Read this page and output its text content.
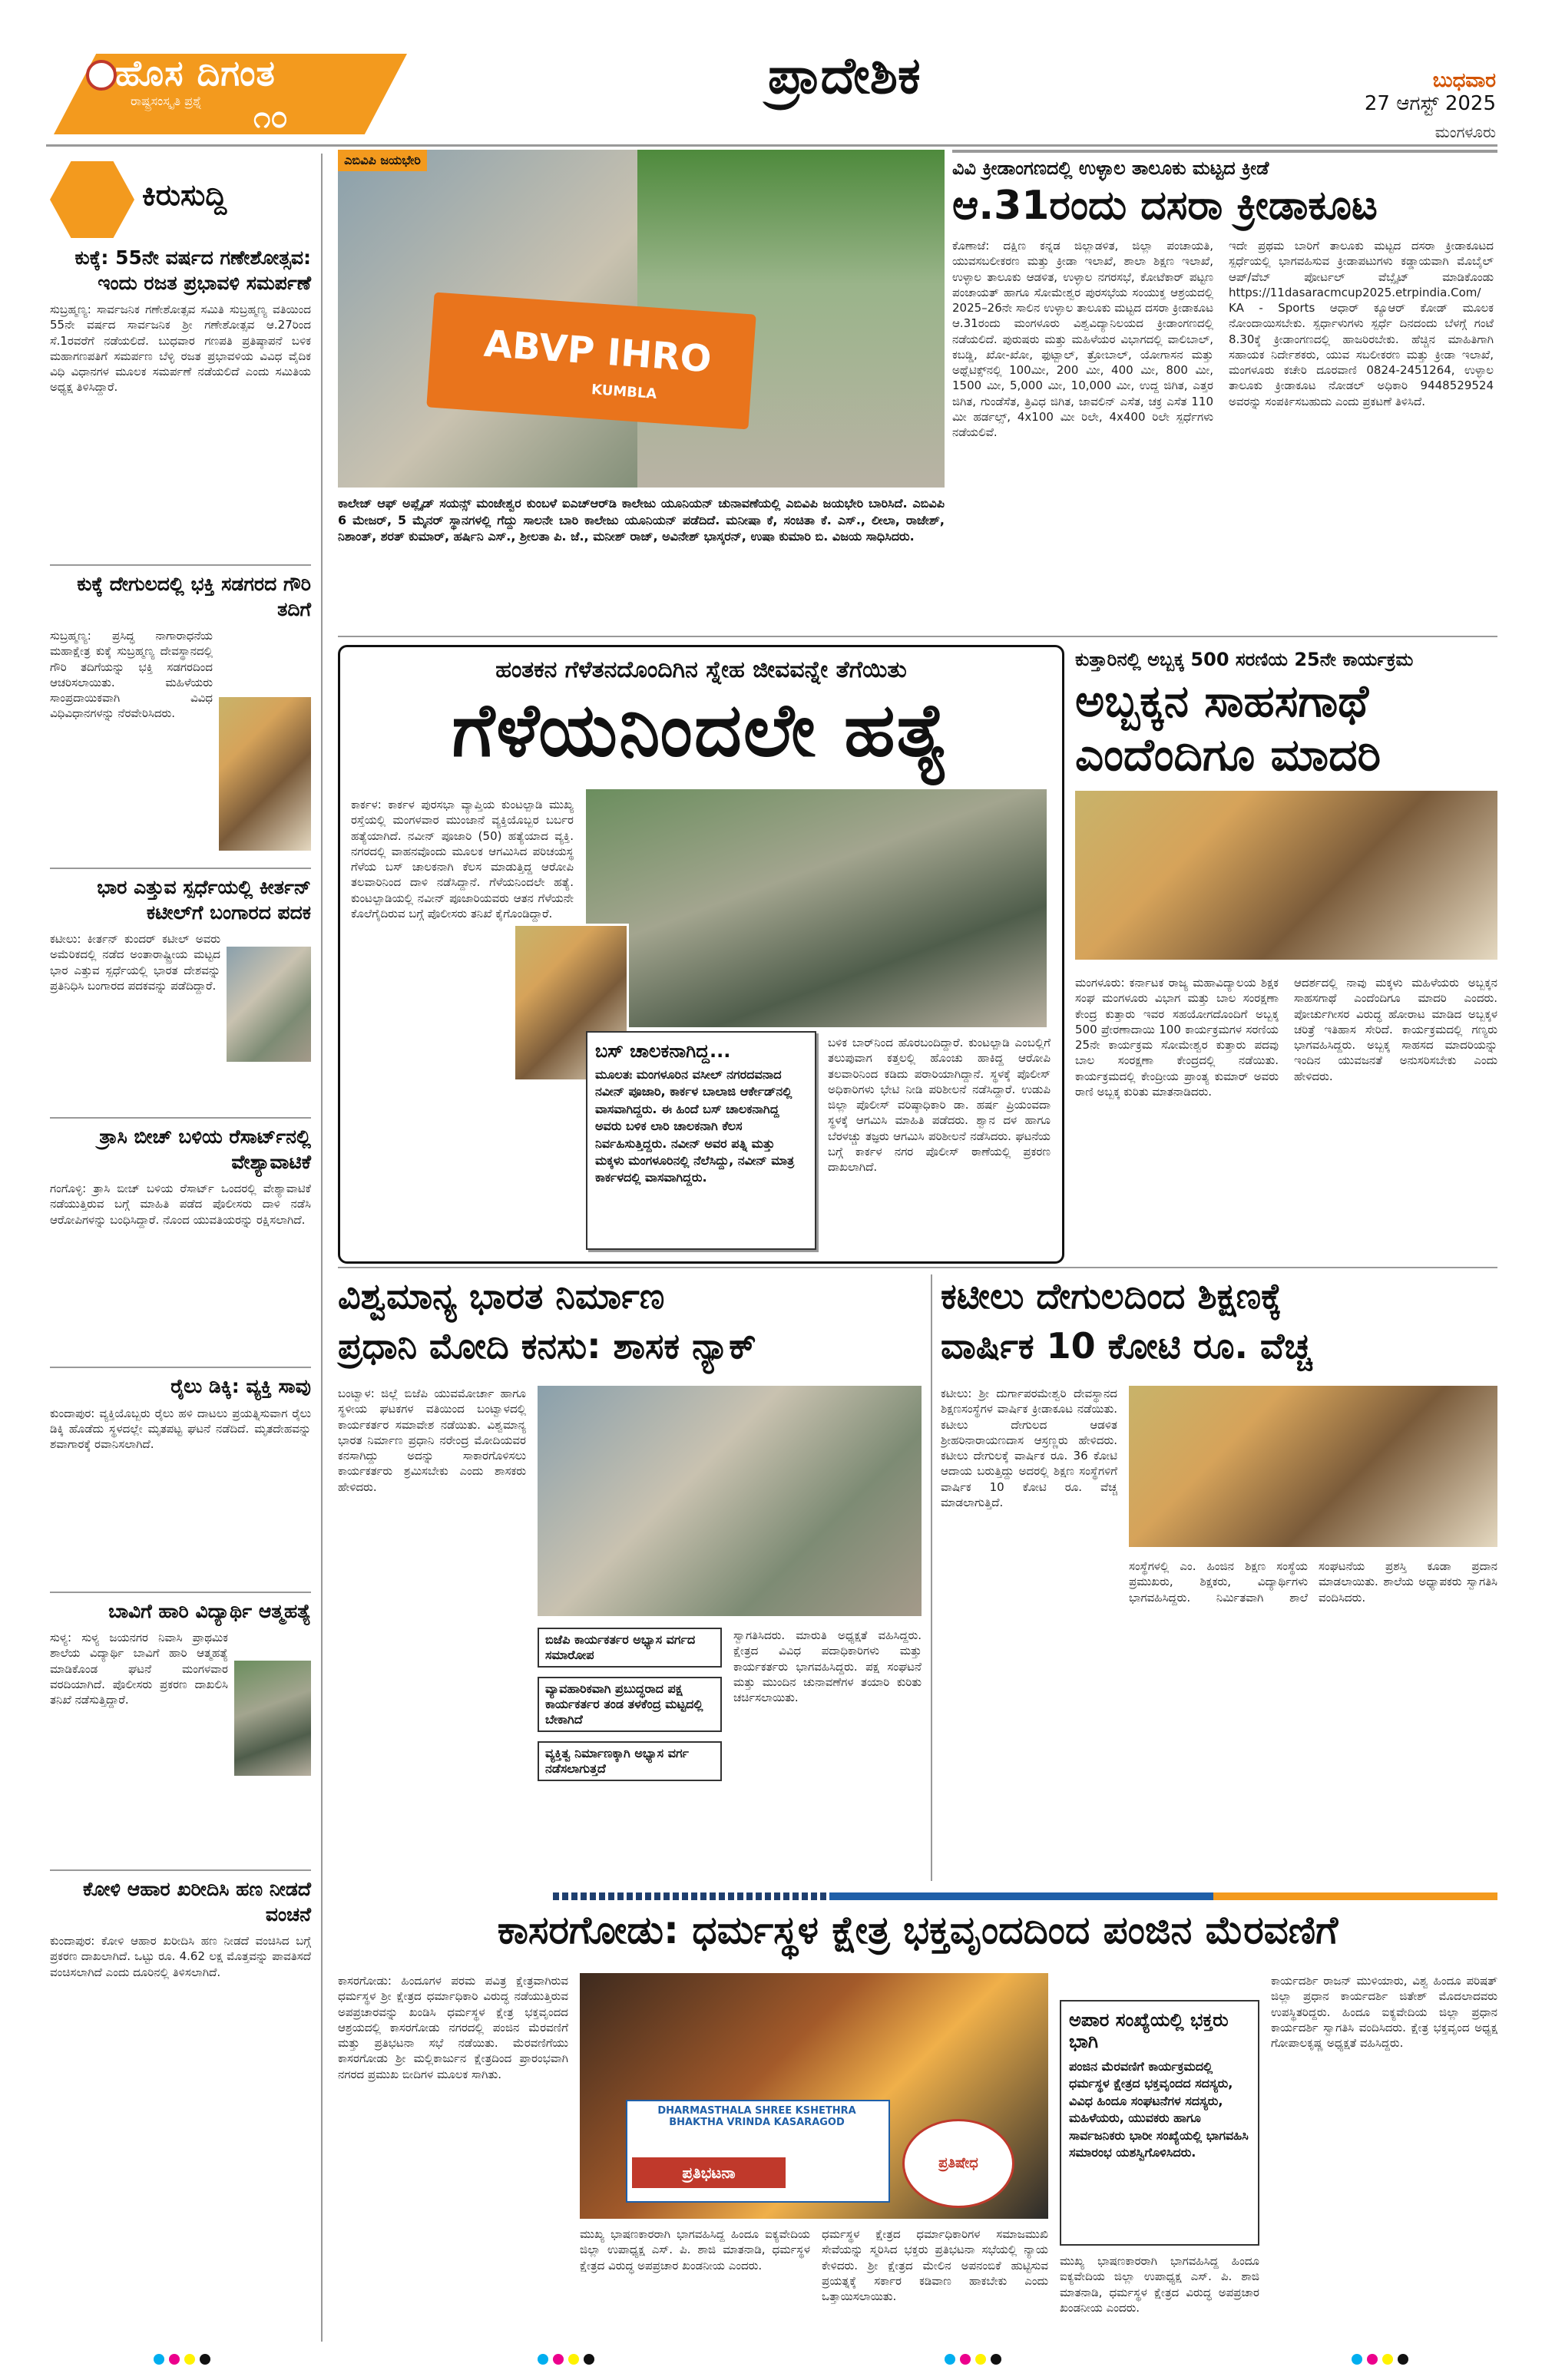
ಹೊಸ ದಿಗಂತ
ರಾಷ್ಟ್ರಸಂಸ್ಕೃತಿ ಪ್ರಶ್ನೆ ೧೦
ಪ್ರಾದೇಶಿಕ	ಬುಧವಾರ
27 ಆಗಸ್ಟ್ 2025
ಮಂಗಳೂರು
ಕಿರುಸುದ್ದಿ
ಕುಕ್ಕೆ: 55ನೇ ವರ್ಷದ ಗಣೇಶೋತ್ಸವ: ಇಂದು ರಜತ ಪ್ರಭಾವಳಿ ಸಮರ್ಪಣೆ
ಸುಬ್ರಹ್ಮಣ್ಯ: ಸಾರ್ವಜನಿಕ ಗಣೇಶೋತ್ಸವ ಸಮಿತಿ ಸುಬ್ರಹ್ಮಣ್ಯ ವತಿಯಿಂದ 55ನೇ ವರ್ಷದ ಸಾರ್ವಜನಿಕ ಶ್ರೀ ಗಣೇಶೋತ್ಸವ ಆ.27ರಿಂದ ಸೆ.1ರವರೆಗೆ ನಡೆಯಲಿದೆ. ಬುಧವಾರ ಗಣಪತಿ ಪ್ರತಿಷ್ಠಾಪನೆ ಬಳಿಕ ಮಹಾಗಣಪತಿಗೆ ಸಮರ್ಪಣ ಬೆಳ್ಳಿ ರಜತ ಪ್ರಭಾವಳಿಯ ವಿವಿಧ ವೈದಿಕ ವಿಧಿ ವಿಧಾನಗಳ ಮೂಲಕ ಸಮರ್ಪಣೆ ನಡೆಯಲಿದೆ ಎಂದು ಸಮಿತಿಯ ಅಧ್ಯಕ್ಷ ತಿಳಿಸಿದ್ದಾರೆ.
ಕುಕ್ಕೆ ದೇಗುಲದಲ್ಲಿ ಭಕ್ತಿ ಸಡಗರದ ಗೌರಿ ತದಿಗೆ
ಸುಬ್ರಹ್ಮಣ್ಯ: ಪ್ರಸಿದ್ಧ ನಾಗಾರಾಧನೆಯ ಮಹಾಕ್ಷೇತ್ರ ಕುಕ್ಕೆ ಸುಬ್ರಹ್ಮಣ್ಯ ದೇವಸ್ಥಾನದಲ್ಲಿ ಗೌರಿ ತದಿಗೆಯನ್ನು ಭಕ್ತಿ ಸಡಗರದಿಂದ ಆಚರಿಸಲಾಯಿತು. ಮಹಿಳೆಯರು ಸಾಂಪ್ರದಾಯಿಕವಾಗಿ ವಿವಿಧ ವಿಧಿವಿಧಾನಗಳನ್ನು ನೆರವೇರಿಸಿದರು.
ಭಾರ ಎತ್ತುವ ಸ್ಪರ್ಧೆಯಲ್ಲಿ ಕೀರ್ತನ್ ಕಟೀಲ್‌ಗೆ ಬಂಗಾರದ ಪದಕ
ಕಟೀಲು: ಕೀರ್ತನ್ ಕುಂದರ್ ಕಟೀಲ್ ಅವರು ಅಮೆರಿಕದಲ್ಲಿ ನಡೆದ ಅಂತಾರಾಷ್ಟ್ರೀಯ ಮಟ್ಟದ ಭಾರ ಎತ್ತುವ ಸ್ಪರ್ಧೆಯಲ್ಲಿ ಭಾರತ ದೇಶವನ್ನು ಪ್ರತಿನಿಧಿಸಿ ಬಂಗಾರದ ಪದಕವನ್ನು ಪಡೆದಿದ್ದಾರೆ.
ತ್ರಾಸಿ ಬೀಚ್ ಬಳಿಯ ರೆಸಾರ್ಟ್‌ನಲ್ಲಿ ವೇಶ್ಯಾವಾಟಿಕೆ
ಗಂಗೊಳ್ಳಿ: ತ್ರಾಸಿ ಬೀಚ್ ಬಳಿಯ ರೆಸಾರ್ಟ್ ಒಂದರಲ್ಲಿ ವೇಶ್ಯಾವಾಟಿಕೆ ನಡೆಯುತ್ತಿರುವ ಬಗ್ಗೆ ಮಾಹಿತಿ ಪಡೆದ ಪೊಲೀಸರು ದಾಳಿ ನಡೆಸಿ ಆರೋಪಿಗಳನ್ನು ಬಂಧಿಸಿದ್ದಾರೆ. ನೊಂದ ಯುವತಿಯರನ್ನು ರಕ್ಷಿಸಲಾಗಿದೆ.
ರೈಲು ಡಿಕ್ಕಿ: ವ್ಯಕ್ತಿ ಸಾವು
ಕುಂದಾಪುರ: ವ್ಯಕ್ತಿಯೊಬ್ಬರು ರೈಲು ಹಳಿ ದಾಟಲು ಪ್ರಯತ್ನಿಸುವಾಗ ರೈಲು ಡಿಕ್ಕಿ ಹೊಡೆದು ಸ್ಥಳದಲ್ಲೇ ಮೃತಪಟ್ಟ ಘಟನೆ ನಡೆದಿದೆ. ಮೃತದೇಹವನ್ನು ಶವಾಗಾರಕ್ಕೆ ರವಾನಿಸಲಾಗಿದೆ.
ಬಾವಿಗೆ ಹಾರಿ ವಿದ್ಯಾರ್ಥಿ ಆತ್ಮಹತ್ಯೆ
ಸುಳ್ಯ: ಸುಳ್ಯ ಜಯನಗರ ನಿವಾಸಿ ಪ್ರಾಥಮಿಕ ಶಾಲೆಯ ವಿದ್ಯಾರ್ಥಿ ಬಾವಿಗೆ ಹಾರಿ ಆತ್ಮಹತ್ಯೆ ಮಾಡಿಕೊಂಡ ಘಟನೆ ಮಂಗಳವಾರ ವರದಿಯಾಗಿದೆ. ಪೊಲೀಸರು ಪ್ರಕರಣ ದಾಖಲಿಸಿ ತನಿಖೆ ನಡೆಸುತ್ತಿದ್ದಾರೆ.
ಕೋಳಿ ಆಹಾರ ಖರೀದಿಸಿ ಹಣ ನೀಡದೆ ವಂಚನೆ
ಕುಂದಾಪುರ: ಕೋಳಿ ಆಹಾರ ಖರೀದಿಸಿ ಹಣ ನೀಡದೆ ವಂಚಿಸಿದ ಬಗ್ಗೆ ಪ್ರಕರಣ ದಾಖಲಾಗಿದೆ. ಒಟ್ಟು ರೂ. 4.62 ಲಕ್ಷ ಮೊತ್ತವನ್ನು ಪಾವತಿಸದೆ ವಂಚಿಸಲಾಗಿದೆ ಎಂದು ದೂರಿನಲ್ಲಿ ತಿಳಿಸಲಾಗಿದೆ.
ABVP IHRO
KUMBLA
ಎಬಿವಿಪಿ ಜಯಭೇರಿ
ಕಾಲೇಜ್ ಆಫ್ ಅಪ್ಲೈಡ್ ಸಯನ್ಸ್ ಮಂಜೇಶ್ವರ ಕುಂಬಳೆ ಐಎಚ್‌ಆರ್‌ಡಿ ಕಾಲೇಜು ಯೂನಿಯನ್ ಚುನಾವಣೆಯಲ್ಲಿ ಎಬಿವಿಪಿ ಜಯಭೇರಿ ಬಾರಿಸಿದೆ. ಎಬಿವಿಪಿ 6 ಮೇಜರ್, 5 ಮೈನರ್ ಸ್ಥಾನಗಳಲ್ಲಿ ಗೆದ್ದು ಸಾಲನೇ ಬಾರಿ ಕಾಲೇಜು ಯೂನಿಯನ್ ಪಡೆದಿದೆ. ಮನೀಷಾ ಕೆ, ಸಂಚಿತಾ ಕೆ. ಎಸ್., ಲೀಲಾ, ರಾಜೇಶ್, ನಿಶಾಂತ್, ಶರತ್ ಕುಮಾರ್, ಹರ್ಷಿನಿ ಎಸ್., ಶ್ರೀಲತಾ ಪಿ. ಜೆ., ಮನೀಶ್ ರಾಜ್, ಅವಿನೇಶ್ ಭಾಸ್ಕರನ್, ಉಷಾ ಕುಮಾರಿ ಬಿ. ವಿಜಯ ಸಾಧಿಸಿದರು.
ವಿವಿ ಕ್ರೀಡಾಂಗಣದಲ್ಲಿ ಉಳ್ಳಾಲ ತಾಲೂಕು ಮಟ್ಟದ ಕ್ರೀಡೆ
ಆ.31ರಂದು ದಸರಾ ಕ್ರೀಡಾಕೂಟ
ಕೊಣಾಜೆ: ದಕ್ಷಿಣ ಕನ್ನಡ ಜಿಲ್ಲಾಡಳಿತ, ಜಿಲ್ಲಾ ಪಂಚಾಯತಿ, ಯುವಸಬಲೀಕರಣ ಮತ್ತು ಕ್ರೀಡಾ ಇಲಾಖೆ, ಶಾಲಾ ಶಿಕ್ಷಣ ಇಲಾಖೆ, ಉಳ್ಳಾಲ ತಾಲೂಕು ಆಡಳಿತ, ಉಳ್ಳಾಲ ನಗರಸಭೆ, ಕೋಟೆಕಾರ್ ಪಟ್ಟಣ ಪಂಚಾಯತ್ ಹಾಗೂ ಸೋಮೇಶ್ವರ ಪುರಸಭೆಯ ಸಂಯುಕ್ತ ಆಶ್ರಯದಲ್ಲಿ 2025–26ನೇ ಸಾಲಿನ ಉಳ್ಳಾಲ ತಾಲೂಕು ಮಟ್ಟದ ದಸರಾ ಕ್ರೀಡಾಕೂಟ ಆ.31ರಂದು ಮಂಗಳೂರು ವಿಶ್ವವಿದ್ಯಾನಿಲಯದ ಕ್ರೀಡಾಂಗಣದಲ್ಲಿ ನಡೆಯಲಿದೆ. ಪುರುಷರು ಮತ್ತು ಮಹಿಳೆಯರ ವಿಭಾಗದಲ್ಲಿ ವಾಲಿಬಾಲ್, ಕಬಡ್ಡಿ, ಖೋ-ಖೋ, ಫುಟ್ಬಾಲ್, ತ್ರೋಬಾಲ್, ಯೋಗಾಸನ ಮತ್ತು ಅಥ್ಲೆಟಿಕ್ಸ್‌ನಲ್ಲಿ 100ಮೀ, 200 ಮೀ, 400 ಮೀ, 800 ಮೀ, 1500 ಮೀ, 5,000 ಮೀ, 10,000 ಮೀ, ಉದ್ದ ಜಿಗಿತ, ಎತ್ತರ ಜಿಗಿತ, ಗುಂಡೆಸೆತ, ತ್ರಿವಿಧ ಜಿಗಿತ, ಜಾವಲಿನ್ ಎಸೆತ, ಚಕ್ರ ಎಸೆತ 110 ಮೀ ಹರ್ಡಲ್ಸ್, 4x100 ಮೀ ರಿಲೇ, 4x400 ರಿಲೇ ಸ್ಪರ್ಧೆಗಳು ನಡೆಯಲಿವೆ.
ಇದೇ ಪ್ರಥಮ ಬಾರಿಗೆ ತಾಲೂಕು ಮಟ್ಟದ ದಸರಾ ಕ್ರೀಡಾಕೂಟದ ಸ್ಪರ್ಧೆಯಲ್ಲಿ ಭಾಗವಹಿಸುವ ಕ್ರೀಡಾಪಟುಗಳು ಕಡ್ಡಾಯವಾಗಿ ಮೊಬೈಲ್ ಆಪ್/ವೆಬ್ ಪೋರ್ಟಲ್ ವೆಬ್ಸೈಟ್ ಮಾಡಿಕೊಂಡು https://11dasaracmcup2025.etrpindia.Com/ KA - Sports ಆಧಾರ್ ಕ್ಯೂಆರ್ ಕೋಡ್ ಮೂಲಕ ನೋಂದಾಯಿಸಬೇಕು. ಸ್ಪರ್ಧಾಳುಗಳು ಸ್ಪರ್ಧೆ ದಿನದಂದು ಬೆಳಗ್ಗೆ ಗಂಟೆ 8.30ಕ್ಕೆ ಕ್ರೀಡಾಂಗಣದಲ್ಲಿ ಹಾಜರಿರಬೇಕು. ಹೆಚ್ಚಿನ ಮಾಹಿತಿಗಾಗಿ ಸಹಾಯಕ ನಿರ್ದೇಶಕರು, ಯುವ ಸಬಲೀಕರಣ ಮತ್ತು ಕ್ರೀಡಾ ಇಲಾಖೆ, ಮಂಗಳೂರು ಕಚೇರಿ ದೂರವಾಣಿ 0824-2451264, ಉಳ್ಳಾಲ ತಾಲೂಕು ಕ್ರೀಡಾಕೂಟ ನೋಡಲ್ ಅಧಿಕಾರಿ 9448529524 ಅವರನ್ನು ಸಂಪರ್ಕಿಸಬಹುದು ಎಂದು ಪ್ರಕಟಣೆ ತಿಳಿಸಿದೆ.
ಹಂತಕನ ಗೆಳೆತನದೊಂದಿಗಿನ ಸ್ನೇಹ ಜೀವವನ್ನೇ ತೆಗೆಯಿತು
ಗೆಳೆಯನಿಂದಲೇ ಹತ್ಯೆ
ಕಾರ್ಕಳ: ಕಾರ್ಕಳ ಪುರಸಭಾ ವ್ಯಾಪ್ತಿಯ ಕುಂಟಲ್ಪಾಡಿ ಮುಖ್ಯ ರಸ್ತೆಯಲ್ಲಿ ಮಂಗಳವಾರ ಮುಂಜಾನೆ ವ್ಯಕ್ತಿಯೊಬ್ಬರ ಬರ್ಬರ ಹತ್ಯೆಯಾಗಿದೆ. ನವೀನ್ ಪೂಜಾರಿ (50) ಹತ್ಯೆಯಾದ ವ್ಯಕ್ತಿ. ನಗರದಲ್ಲಿ ವಾಹನವೊಂದು ಮೂಲಕ ಆಗಮಿಸಿದ ಪರಿಚಯಸ್ಥ ಗೆಳೆಯ ಬಸ್ ಚಾಲಕನಾಗಿ ಕೆಲಸ ಮಾಡುತ್ತಿದ್ದ ಆರೋಪಿ ತಲವಾರಿನಿಂದ ದಾಳಿ ನಡೆಸಿದ್ದಾನೆ. ಗೆಳೆಯನಿಂದಲೇ ಹತ್ಯೆ. ಕುಂಟಲ್ಪಾಡಿಯಲ್ಲಿ ನವೀನ್ ಪೂಜಾರಿಯವರು ಆತನ ಗೆಳೆಯನೇ ಕೊಲೆಗೈದಿರುವ ಬಗ್ಗೆ ಪೊಲೀಸರು ತನಿಖೆ ಕೈಗೊಂಡಿದ್ದಾರೆ.
ಬಸ್ ಚಾಲಕನಾಗಿದ್ದ...
ಮೂಲತಃ ಮಂಗಳೂರಿನ ವಸೀಲ್ ನಗರದವನಾದ ನವೀನ್ ಪೂಜಾರಿ, ಕಾರ್ಕಳ ಬಾಲಾಜಿ ಆರ್ಕೇಡ್‌ನಲ್ಲಿ ವಾಸವಾಗಿದ್ದರು. ಈ ಹಿಂದೆ ಬಸ್ ಚಾಲಕನಾಗಿದ್ದ ಅವರು ಬಳಿಕ ಲಾರಿ ಚಾಲಕನಾಗಿ ಕೆಲಸ ನಿರ್ವಹಿಸುತ್ತಿದ್ದರು. ನವೀನ್ ಅವರ ಪತ್ನಿ ಮತ್ತು ಮಕ್ಕಳು ಮಂಗಳೂರಿನಲ್ಲಿ ನೆಲೆಸಿದ್ದು, ನವೀನ್ ಮಾತ್ರ ಕಾರ್ಕಳದಲ್ಲಿ ವಾಸವಾಗಿದ್ದರು.
ಬಳಿಕ ಬಾರ್‌ನಿಂದ ಹೊರಬಂದಿದ್ದಾರೆ. ಕುಂಟಲ್ಪಾಡಿ ಎಂಬಲ್ಲಿಗೆ ತಲುಪುವಾಗ ಕತ್ತಲಲ್ಲಿ ಹೊಂಚು ಹಾಕಿದ್ದ ಆರೋಪಿ ತಲವಾರಿನಿಂದ ಕಡಿದು ಪರಾರಿಯಾಗಿದ್ದಾನೆ. ಸ್ಥಳಕ್ಕೆ ಪೊಲೀಸ್ ಅಧಿಕಾರಿಗಳು ಭೇಟಿ ನೀಡಿ ಪರಿಶೀಲನೆ ನಡೆಸಿದ್ದಾರೆ. ಉಡುಪಿ ಜಿಲ್ಲಾ ಪೊಲೀಸ್ ವರಿಷ್ಠಾಧಿಕಾರಿ ಡಾ. ಹರ್ಷ ಪ್ರಿಯಂವದಾ ಸ್ಥಳಕ್ಕೆ ಆಗಮಿಸಿ ಮಾಹಿತಿ ಪಡೆದರು. ಶ್ವಾನ ದಳ ಹಾಗೂ ಬೆರಳಚ್ಚು ತಜ್ಞರು ಆಗಮಿಸಿ ಪರಿಶೀಲನೆ ನಡೆಸಿದರು. ಘಟನೆಯ ಬಗ್ಗೆ ಕಾರ್ಕಳ ನಗರ ಪೊಲೀಸ್ ಠಾಣೆಯಲ್ಲಿ ಪ್ರಕರಣ ದಾಖಲಾಗಿದೆ.
ಕುತ್ತಾರಿನಲ್ಲಿ ಅಬ್ಬಕ್ಕ 500 ಸರಣಿಯ 25ನೇ ಕಾರ್ಯಕ್ರಮ
ಅಬ್ಬಕ್ಕನ ಸಾಹಸಗಾಥೆ
ಎಂದೆಂದಿಗೂ ಮಾದರಿ
ಮಂಗಳೂರು: ಕರ್ನಾಟಕ ರಾಜ್ಯ ಮಹಾವಿದ್ಯಾಲಯ ಶಿಕ್ಷಕ ಸಂಘ ಮಂಗಳೂರು ವಿಭಾಗ ಮತ್ತು ಬಾಲ ಸಂರಕ್ಷಣಾ ಕೇಂದ್ರ ಕುತ್ತಾರು ಇವರ ಸಹಯೋಗದೊಂದಿಗೆ ಅಬ್ಬಕ್ಕ 500 ಪ್ರೇರಣಾದಾಯಿ 100 ಕಾರ್ಯಕ್ರಮಗಳ ಸರಣಿಯ 25ನೇ ಕಾರ್ಯಕ್ರಮ ಸೋಮೇಶ್ವರ ಕುತ್ತಾರು ಪದವು ಬಾಲ ಸಂರಕ್ಷಣಾ ಕೇಂದ್ರದಲ್ಲಿ ನಡೆಯಿತು. ಕಾರ್ಯಕ್ರಮದಲ್ಲಿ ಕೇಂದ್ರೀಯ ಪ್ರಾಂತ್ಯ ಕುಮಾರ್ ಅವರು ರಾಣಿ ಅಬ್ಬಕ್ಕ ಕುರಿತು ಮಾತನಾಡಿದರು.
ಆದರ್ಶದಲ್ಲಿ ನಾವು ಮಕ್ಕಳು ಮಹಿಳೆಯರು ಅಬ್ಬಕ್ಕನ ಸಾಹಸಗಾಥೆ ಎಂದೆಂದಿಗೂ ಮಾದರಿ ಎಂದರು. ಪೋರ್ಚುಗೀಸರ ವಿರುದ್ಧ ಹೋರಾಟ ಮಾಡಿದ ಅಬ್ಬಕ್ಕಳ ಚರಿತ್ರೆ ಇತಿಹಾಸ ಸೇರಿದೆ. ಕಾರ್ಯಕ್ರಮದಲ್ಲಿ ಗಣ್ಯರು ಭಾಗವಹಿಸಿದ್ದರು. ಅಬ್ಬಕ್ಕ ಸಾಹಸದ ಮಾದರಿಯನ್ನು ಇಂದಿನ ಯುವಜನತೆ ಅನುಸರಿಸಬೇಕು ಎಂದು ಹೇಳಿದರು.
ವಿಶ್ವಮಾನ್ಯ ಭಾರತ ನಿರ್ಮಾಣ
ಪ್ರಧಾನಿ ಮೋದಿ ಕನಸು: ಶಾಸಕ ನ್ಯಾಕ್
ಬಂಟ್ವಾಳ: ಜಿಲ್ಲೆ ಬಿಜೆಪಿ ಯುವಮೋರ್ಚಾ ಹಾಗೂ ಸ್ಥಳೀಯ ಘಟಕಗಳ ವತಿಯಿಂದ ಬಂಟ್ವಾಳದಲ್ಲಿ ಕಾರ್ಯಕರ್ತರ ಸಮಾವೇಶ ನಡೆಯಿತು. ವಿಶ್ವಮಾನ್ಯ ಭಾರತ ನಿರ್ಮಾಣ ಪ್ರಧಾನಿ ನರೇಂದ್ರ ಮೋದಿಯವರ ಕನಸಾಗಿದ್ದು ಅದನ್ನು ಸಾಕಾರಗೊಳಿಸಲು ಕಾರ್ಯಕರ್ತರು ಶ್ರಮಿಸಬೇಕು ಎಂದು ಶಾಸಕರು ಹೇಳಿದರು.
ಬಿಜೆಪಿ ಕಾರ್ಯಕರ್ತರ ಅಭ್ಯಾಸ ವರ್ಗದ ಸಮಾರೋಪ
ವ್ಯಾವಹಾರಿಕವಾಗಿ ಪ್ರಬುದ್ಧರಾದ ಪಕ್ಷ ಕಾರ್ಯಕರ್ತರ ತಂಡ ತಳಕೆಂದ್ರ ಮಟ್ಟದಲ್ಲಿ ಬೇಕಾಗಿದೆ
ವ್ಯಕ್ತಿತ್ವ ನಿರ್ಮಾಣಕ್ಕಾಗಿ ಅಭ್ಯಾಸ ವರ್ಗ ನಡೆಸಲಾಗುತ್ತದೆ
ಸ್ವಾಗತಿಸಿದರು. ಮಾರುತಿ ಅಧ್ಯಕ್ಷತೆ ವಹಿಸಿದ್ದರು. ಕ್ಷೇತ್ರದ ವಿವಿಧ ಪದಾಧಿಕಾರಿಗಳು ಮತ್ತು ಕಾರ್ಯಕರ್ತರು ಭಾಗವಹಿಸಿದ್ದರು. ಪಕ್ಷ ಸಂಘಟನೆ ಮತ್ತು ಮುಂದಿನ ಚುನಾವಣೆಗಳ ತಯಾರಿ ಕುರಿತು ಚರ್ಚಿಸಲಾಯಿತು.
ಕಟೀಲು ದೇಗುಲದಿಂದ ಶಿಕ್ಷಣಕ್ಕೆ
ವಾರ್ಷಿಕ 10 ಕೋಟಿ ರೂ. ವೆಚ್ಚ
ಕಟೀಲು: ಶ್ರೀ ದುರ್ಗಾಪರಮೇಶ್ವರಿ ದೇವಸ್ಥಾನದ ಶಿಕ್ಷಣಸಂಸ್ಥೆಗಳ ವಾರ್ಷಿಕ ಕ್ರೀಡಾಕೂಟ ನಡೆಯಿತು. ಕಟೀಲು ದೇಗುಲದ ಆಡಳಿತ ಶ್ರೀಹರಿನಾರಾಯಣದಾಸ ಆಸ್ರಣ್ಣರು ಹೇಳಿದರು. ಕಟೀಲು ದೇಗುಲಕ್ಕೆ ವಾರ್ಷಿಕ ರೂ. 36 ಕೋಟಿ ಆದಾಯ ಬರುತ್ತಿದ್ದು ಅದರಲ್ಲಿ ಶಿಕ್ಷಣ ಸಂಸ್ಥೆಗಳಿಗೆ ವಾರ್ಷಿಕ 10 ಕೋಟಿ ರೂ. ವೆಚ್ಚ ಮಾಡಲಾಗುತ್ತಿದೆ.
ಸಂಸ್ಥೆಗಳಲ್ಲಿ ಎಂ. ಹಿಂಜಿನ ಶಿಕ್ಷಣ ಸಂಸ್ಥೆಯ ಪ್ರಮುಖರು, ಶಿಕ್ಷಕರು, ವಿದ್ಯಾರ್ಥಿಗಳು ಭಾಗವಹಿಸಿದ್ದರು. ನಿರ್ಮಿತವಾಗಿ ಶಾಲೆ ಸಂಘಟನೆಯ ಪ್ರಶಸ್ತಿ ಕೂಡಾ ಪ್ರದಾನ ಮಾಡಲಾಯಿತು. ಶಾಲೆಯ ಅಧ್ಯಾಪಕರು ಸ್ವಾಗತಿಸಿ ವಂದಿಸಿದರು.
ಕಾಸರಗೋಡು: ಧರ್ಮಸ್ಥಳ ಕ್ಷೇತ್ರ ಭಕ್ತವೃಂದದಿಂದ ಪಂಜಿನ ಮೆರವಣಿಗೆ
ಕಾಸರಗೋಡು: ಹಿಂದೂಗಳ ಪರಮ ಪವಿತ್ರ ಕ್ಷೇತ್ರವಾಗಿರುವ ಧರ್ಮಸ್ಥಳ ಶ್ರೀ ಕ್ಷೇತ್ರದ ಧರ್ಮಾಧಿಕಾರಿ ವಿರುದ್ಧ ನಡೆಯುತ್ತಿರುವ ಅಪಪ್ರಚಾರವನ್ನು ಖಂಡಿಸಿ ಧರ್ಮಸ್ಥಳ ಕ್ಷೇತ್ರ ಭಕ್ತವೃಂದದ ಆಶ್ರಯದಲ್ಲಿ ಕಾಸರಗೋಡು ನಗರದಲ್ಲಿ ಪಂಜಿನ ಮೆರವಣಿಗೆ ಮತ್ತು ಪ್ರತಿಭಟನಾ ಸಭೆ ನಡೆಯಿತು. ಮೆರವಣಿಗೆಯು ಕಾಸರಗೋಡು ಶ್ರೀ ಮಲ್ಲಿಕಾರ್ಜುನ ಕ್ಷೇತ್ರದಿಂದ ಪ್ರಾರಂಭವಾಗಿ ನಗರದ ಪ್ರಮುಖ ಬೀದಿಗಳ ಮೂಲಕ ಸಾಗಿತು.
DHARMASTHALA SHREE KSHETHRA BHAKTHA VRINDA KASARAGOD
ಪ್ರತಿಭಟನಾ
ಪ್ರತಿಷೇಧ
ಅಪಾರ ಸಂಖ್ಯೆಯಲ್ಲಿ ಭಕ್ತರು ಭಾಗಿ
ಪಂಜಿನ ಮೆರವಣಿಗೆ ಕಾರ್ಯಕ್ರಮದಲ್ಲಿ ಧರ್ಮಸ್ಥಳ ಕ್ಷೇತ್ರದ ಭಕ್ತವೃಂದದ ಸದಸ್ಯರು, ವಿವಿಧ ಹಿಂದೂ ಸಂಘಟನೆಗಳ ಸದಸ್ಯರು, ಮಹಿಳೆಯರು, ಯುವಕರು ಹಾಗೂ ಸಾರ್ವಜನಿಕರು ಭಾರೀ ಸಂಖ್ಯೆಯಲ್ಲಿ ಭಾಗವಹಿಸಿ ಸಮಾರಂಭ ಯಶಸ್ವಿಗೊಳಿಸಿದರು.
ಮುಖ್ಯ ಭಾಷಣಕಾರರಾಗಿ ಭಾಗವಹಿಸಿದ್ದ ಹಿಂದೂ ಐಕ್ಯವೇದಿಯ ಜಿಲ್ಲಾ ಉಪಾಧ್ಯಕ್ಷ ಎಸ್. ಪಿ. ಶಾಜಿ ಮಾತನಾಡಿ, ಧರ್ಮಸ್ಥಳ ಕ್ಷೇತ್ರದ ವಿರುದ್ಧ ಅಪಪ್ರಚಾರ ಖಂಡನೀಯ ಎಂದರು.
ಧರ್ಮಸ್ಥಳ ಕ್ಷೇತ್ರದ ಧರ್ಮಾಧಿಕಾರಿಗಳ ಸಮಾಜಮುಖಿ ಸೇವೆಯನ್ನು ಸ್ಮರಿಸಿದ ಭಕ್ತರು ಪ್ರತಿಭಟನಾ ಸಭೆಯಲ್ಲಿ ನ್ಯಾಯ ಕೇಳಿದರು. ಶ್ರೀ ಕ್ಷೇತ್ರದ ಮೇಲಿನ ಅಪನಂಬಿಕೆ ಹುಟ್ಟಿಸುವ ಪ್ರಯತ್ನಕ್ಕೆ ಸರ್ಕಾರ ಕಡಿವಾಣ ಹಾಕಬೇಕು ಎಂದು ಒತ್ತಾಯಿಸಲಾಯಿತು.
ಕಾರ್ಯದರ್ಶಿ ರಾಜನ್ ಮುಳಿಯಾರು, ವಿಶ್ವ ಹಿಂದೂ ಪರಿಷತ್ ಜಿಲ್ಲಾ ಪ್ರಧಾನ ಕಾರ್ಯದರ್ಶಿ ಜಿತೇಶ್ ಮೊದಲಾದವರು ಉಪಸ್ಥಿತರಿದ್ದರು. ಹಿಂದೂ ಐಕ್ಯವೇದಿಯ ಜಿಲ್ಲಾ ಪ್ರಧಾನ ಕಾರ್ಯದರ್ಶಿ ಸ್ವಾಗತಿಸಿ ವಂದಿಸಿದರು. ಕ್ಷೇತ್ರ ಭಕ್ತವೃಂದ ಅಧ್ಯಕ್ಷ ಗೋಪಾಲಕೃಷ್ಣ ಅಧ್ಯಕ್ಷತೆ ವಹಿಸಿದ್ದರು.
ಮುಖ್ಯ ಭಾಷಣಕಾರರಾಗಿ ಭಾಗವಹಿಸಿದ್ದ ಹಿಂದೂ ಐಕ್ಯವೇದಿಯ ಜಿಲ್ಲಾ ಉಪಾಧ್ಯಕ್ಷ ಎಸ್. ಪಿ. ಶಾಜಿ ಮಾತನಾಡಿ, ಧರ್ಮಸ್ಥಳ ಕ್ಷೇತ್ರದ ವಿರುದ್ಧ ಅಪಪ್ರಚಾರ ಖಂಡನೀಯ ಎಂದರು.
